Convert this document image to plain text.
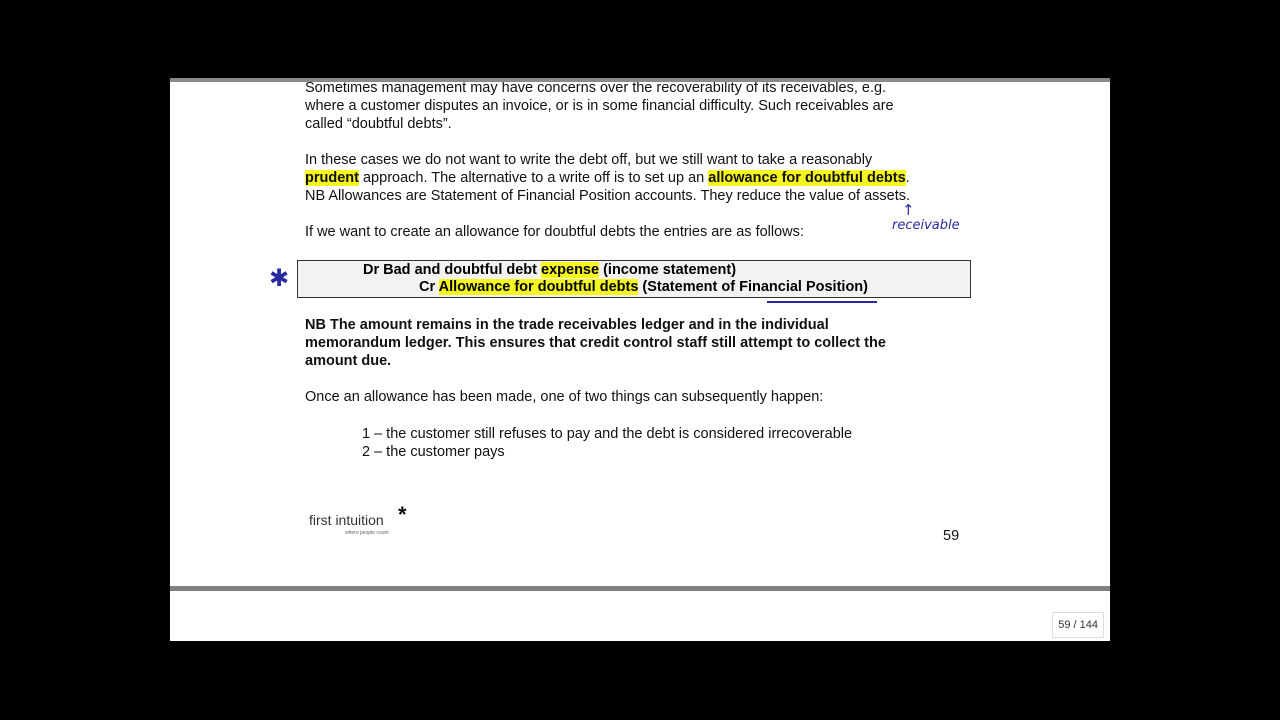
Sometimes management may have concerns over the recoverability of its receivables, e.g.
where a customer disputes an invoice, or is in some financial difficulty. Such receivables are
called “doubtful debts”.
In these cases we do not want to write the debt off, but we still want to take a reasonably
prudent approach. The alternative to a write off is to set up an allowance for doubtful debts.
NB Allowances are Statement of Financial Position accounts. They reduce the value of assets.
If we want to create an allowance for doubtful debts the entries are as follows:
Dr Bad and doubtful debt expense (income statement)
Cr Allowance for doubtful debts (Statement of Financial Position)
✱
↑
receivable
NB The amount remains in the trade receivables ledger and in the individual
memorandum ledger. This ensures that credit control staff still attempt to collect the
amount due.
Once an allowance has been made, one of two things can subsequently happen:
1 – the customer still refuses to pay and the debt is considered irrecoverable
2 – the customer pays
first intuition *
where people count	59
59 / 144
